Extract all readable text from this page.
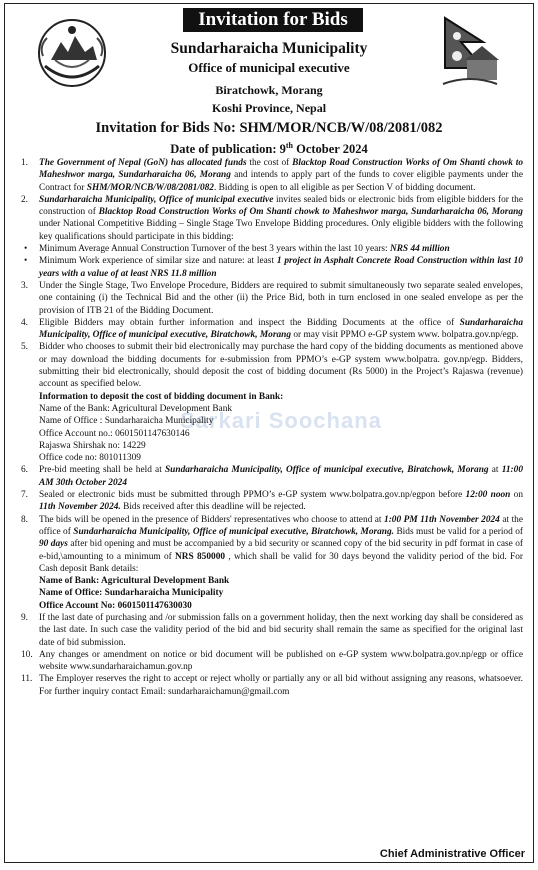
Invitation for Bids
Sundarharaicha Municipality
Office of municipal executive
Biratchowk, Morang
Koshi Province, Nepal
Invitation for Bids No: SHM/MOR/NCB/W/08/2081/082
Date of publication: 9th October 2024
Sarkari Soochana

1. The Government of Nepal (GoN) has allocated funds the cost of Blacktop Road Construction Works of Om Shanti chowk to Maheshwor marga, Sundarharaicha 06, Morang and intends to apply part of the funds to cover eligible payments under the Contract for SHM/MOR/NCB/W/08/2081/082. Bidding is open to all eligible as per Section V of bidding document.

2. Sundarharaicha Municipality, Office of municipal executive invites sealed bids or electronic bids from eligible bidders for the construction of Blacktop Road Construction Works of Om Shanti chowk to Maheshwor marga, Sundarharaicha 06, Morang under National Competitive Bidding – Single Stage Two Envelope Bidding procedures. Only eligible bidders with the following key qualifications should participate in this bidding:

• Minimum Average Annual Construction Turnover of the best 3 years within the last 10 years: NRS 44 million

• Minimum Work experience of similar size and nature: at least 1 project in Asphalt Concrete Road Construction within last 10 years with a value of at least NRS 11.8 million

3. Under the Single Stage, Two Envelope Procedure, Bidders are required to submit simultaneously two separate sealed envelopes, one containing (i) the Technical Bid and the other (ii) the Price Bid, both in turn enclosed in one sealed envelope as per the provision of ITB 21 of the Bidding Document.

4. Eligible Bidders may obtain further information and inspect the Bidding Documents at the office of Sundarharaicha Municipality, Office of municipal executive, Biratchowk, Morang or may visit PPMO e-GP system www. bolpatra.gov.np/egp.

5. Bidder who chooses to submit their bid electronically may purchase the hard copy of the bidding documents as mentioned above or may download the bidding documents for e-submission from PPMO’s e-GP system www.bolpatra. gov.np/egp. Bidders, submitting their bid electronically, should deposit the cost of bidding document (Rs 5000) in the Project’s Rajaswa (revenue) account as specified below.

Information to deposit the cost of bidding document in Bank:
Name of the Bank: Agricultural Development Bank
Name of Office : Sundarharaicha Municipality
Office Account no.: 0601501147630146
Rajaswa Shirshak no: 14229
Office code no: 801011309

6. Pre-bid meeting shall be held at Sundarharaicha Municipality, Office of municipal executive, Biratchowk, Morang at 11:00 AM 30th October 2024

7. Sealed or electronic bids must be submitted through PPMO’s e-GP system www.bolpatra.gov.np/egpon before 12:00 noon on 11th November 2024. Bids received after this deadline will be rejected.

8. The bids will be opened in the presence of Bidders' representatives who choose to attend at 1:00 PM 11th November 2024 at the office of Sundarharaicha Municipality, Office of municipal executive, Biratchowk, Morang. Bids must be valid for a period of 90 days after bid opening and must be accompanied by a bid security or scanned copy of the bid security in pdf format in case of e-bid,\amounting to a minimum of NRS 850000 , which shall be valid for 30 days beyond the validity period of the bid. For Cash deposit Bank details:

Name of Bank: Agricultural Development Bank
Name of Office: Sundarharaicha Municipality
Office Account No: 0601501147630030

9. If the last date of purchasing and /or submission falls on a government holiday, then the next working day shall be considered as the last date. In such case the validity period of the bid and bid security shall remain the same as specified for the original last date of bid submission.

10. Any changes or amendment on notice or bid document will be published on e-GP system www.bolpatra.gov.np/egp or office website www.sundarharaichamun.gov.np

11. The Employer reserves the right to accept or reject wholly or partially any or all bid without assigning any reasons, whatsoever. For further inquiry contact Email: sundarharaichamun@gmail.com

Chief Administrative Officer
